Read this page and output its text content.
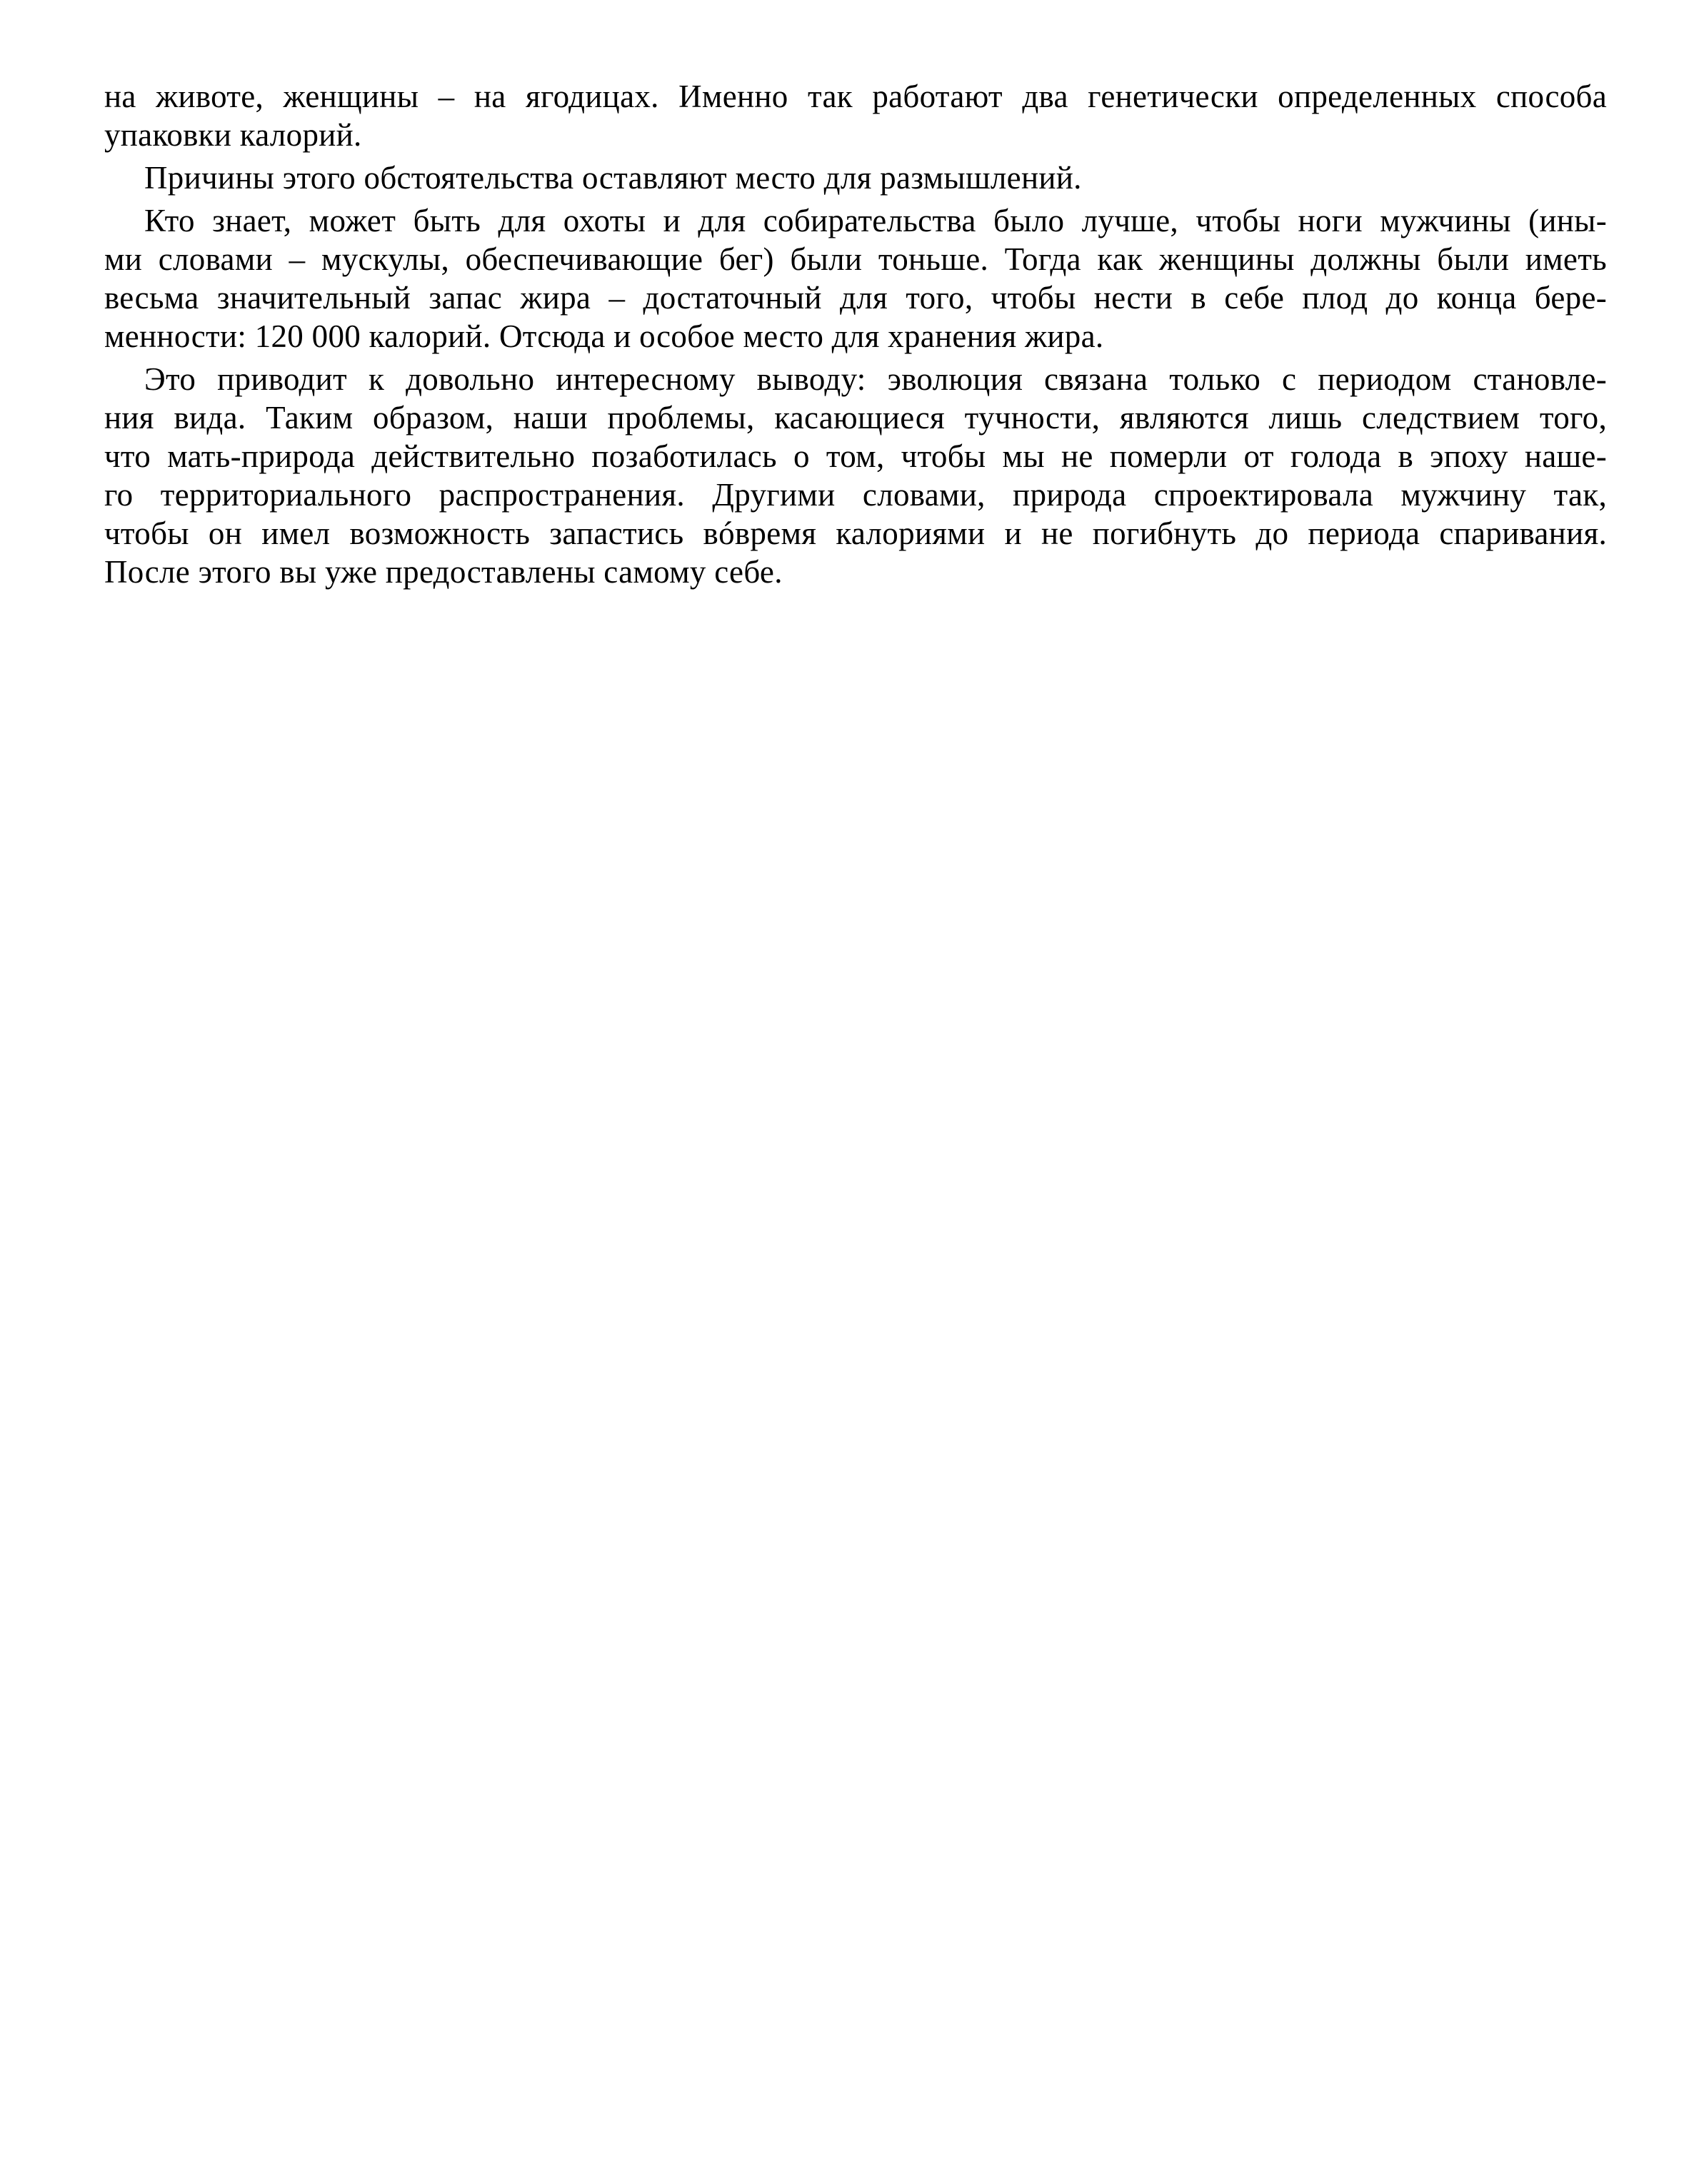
на животе, женщины – на ягодицах. Именно так работают два генетически определенных способа
упаковки калорий.
Причины этого обстоятельства оставляют место для размышлений.
Кто знает, может быть для охоты и для собирательства было лучше, чтобы ноги мужчины (ины-
ми словами – мускулы, обеспечивающие бег) были тоньше. Тогда как женщины должны были иметь
весьма значительный запас жира – достаточный для того, чтобы нести в себе плод до конца бере-
менности: 120 000 калорий. Отсюда и особое место для хранения жира.
Это приводит к довольно интересному выводу: эволюция связана только с периодом становле-
ния вида. Таким образом, наши проблемы, касающиеся тучности, являются лишь следствием того,
что мать-природа действительно позаботилась о том, чтобы мы не померли от голода в эпоху наше-
го территориального распространения. Другими словами, природа спроектировала мужчину так,
чтобы он имел возможность запастись вóвремя калориями и не погибнуть до периода спаривания.
После этого вы уже предоставлены самому себе.
